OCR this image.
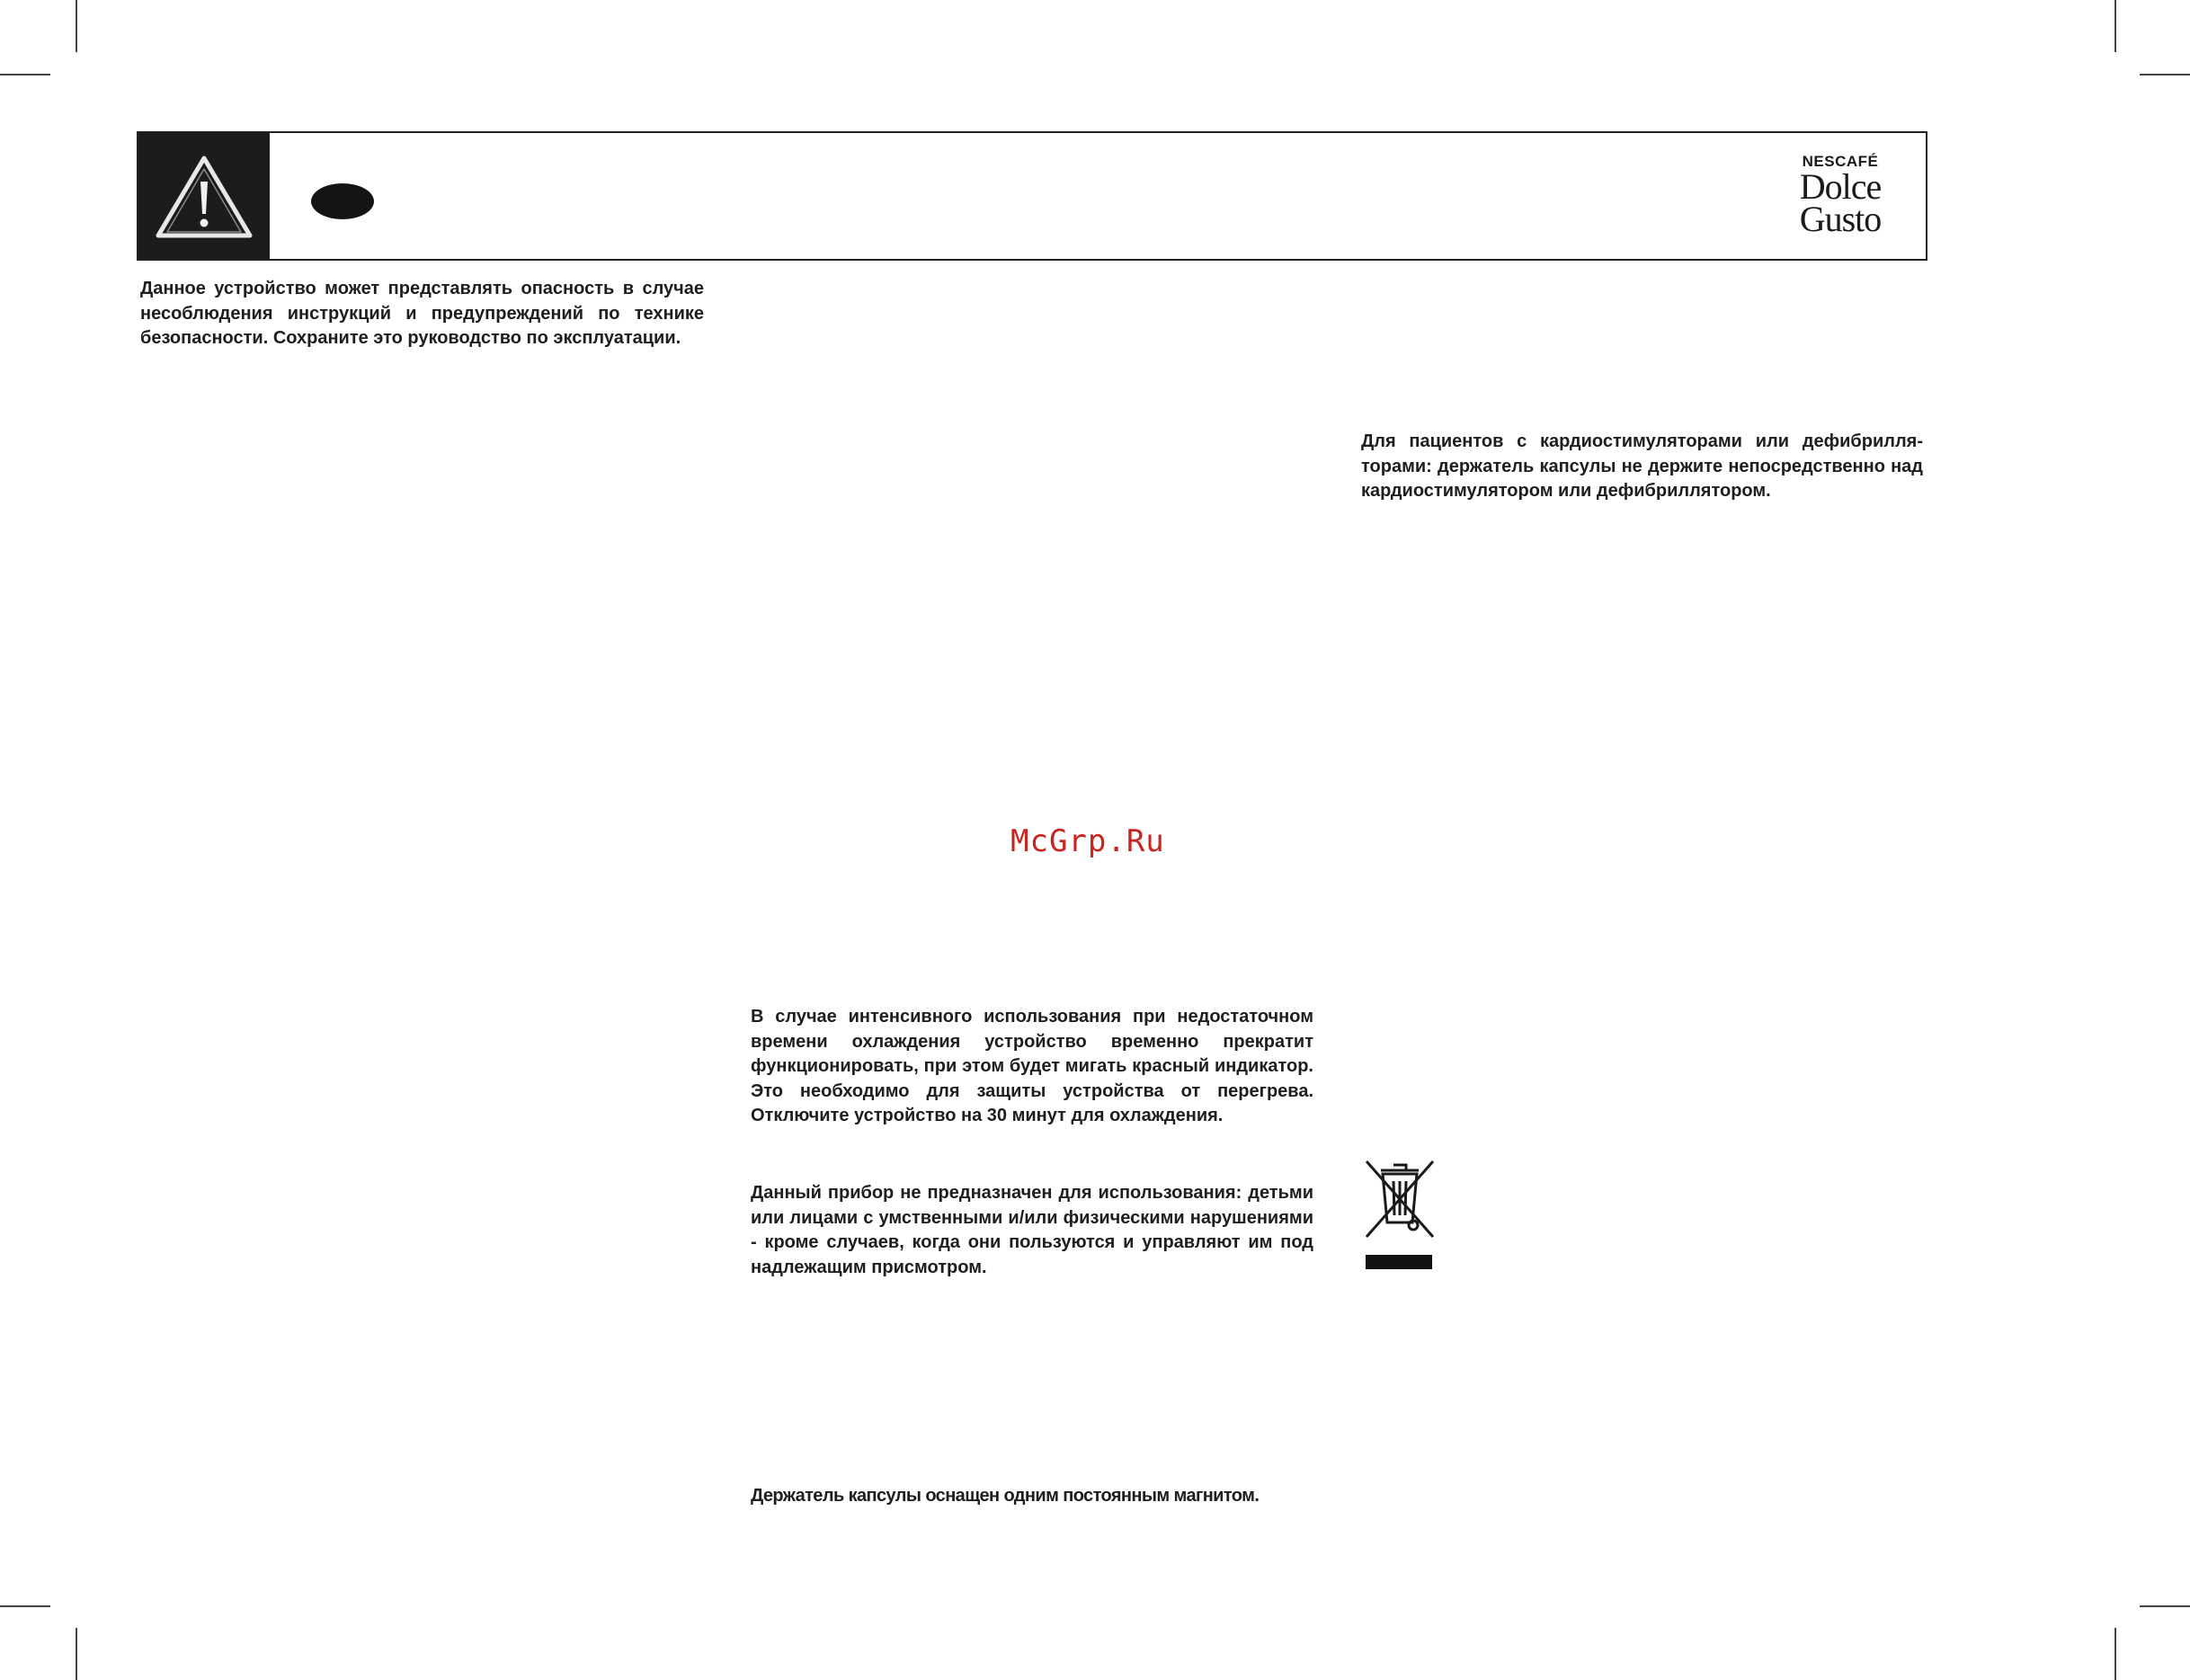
NESCAFÉ
Dolce
Gusto
Данное устройство может представлять опасность в случае несоблюдения инструкций и предупреждений по технике безопасности. Сохраните это руководство по эксплуатации.
Для пациентов с кардиостимуляторами или дефибрилляторами: держатель капсулы не держите непосредственно над кардиостимулятором или дефибриллятором.
McGrp.Ru
В случае интенсивного использования при недостаточном времени охлаждения устройство временно прекратит функционировать, при этом будет мигать красный индикатор. Это необходимо для защиты устройства от перегрева. Отключите устройство на 30 минут для охлаждения.
Данный прибор не предназначен для использования: детьми или лицами с умственными и/или физическими нарушениями - кроме случаев, когда они пользуются и управляют им под надлежащим присмотром.
Держатель капсулы оснащен одним постоянным магнитом.
